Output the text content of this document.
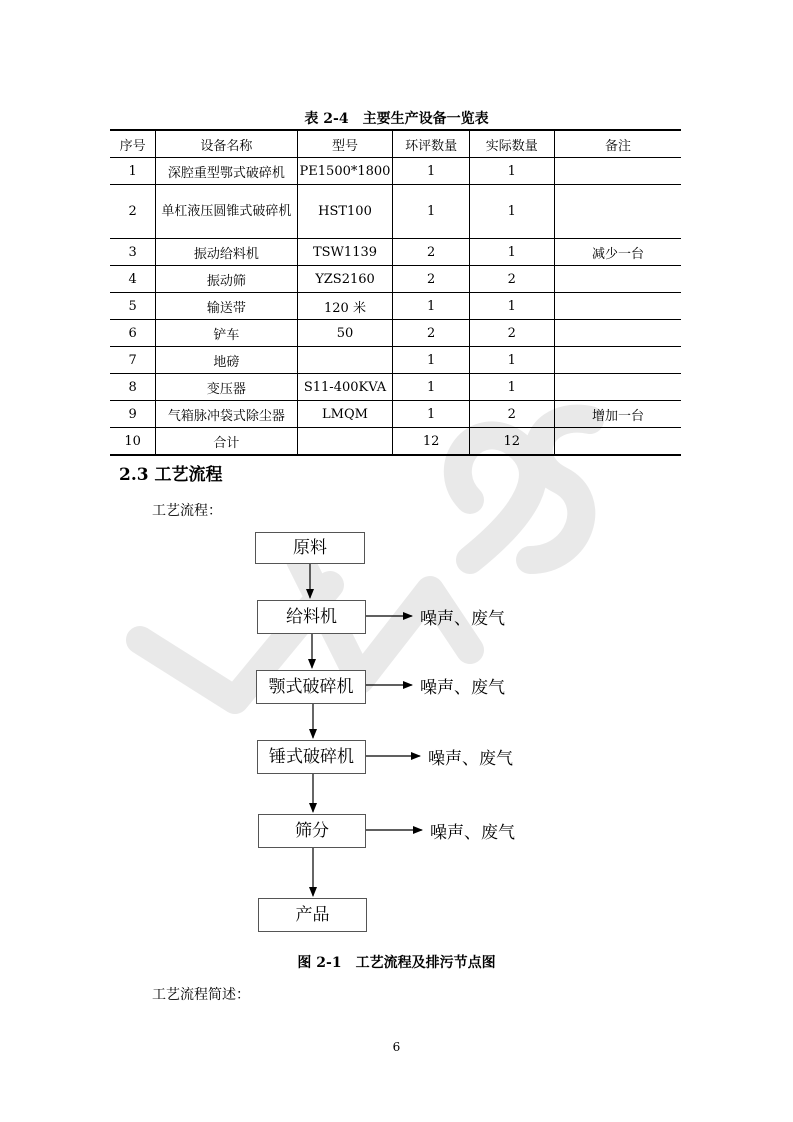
表 2-4　主要生产设备一览表
序号	设备名称	型号	环评数量	实际数量	备注
1	深腔重型鄂式破碎机	PE1500*1800	1	1	
2	单杠液压圆锥式破碎机	HST100	1	1	
3	振动给料机	TSW1139	2	1	减少一台
4	振动筛	YZS2160	2	2	
5	输送带	120 米	1	1	
6	铲车	50	2	2	
7	地磅		1	1	
8	变压器	S11-400KVA	1	1	
9	气箱脉冲袋式除尘器	LMQM	1	2	增加一台
10	合计		12	12	
2.3 工艺流程
工艺流程：
原料
给料机
颚式破碎机
锤式破碎机
筛分
产品
噪声、废气
噪声、废气
噪声、废气
噪声、废气
图 2-1　工艺流程及排污节点图
工艺流程简述：
6
